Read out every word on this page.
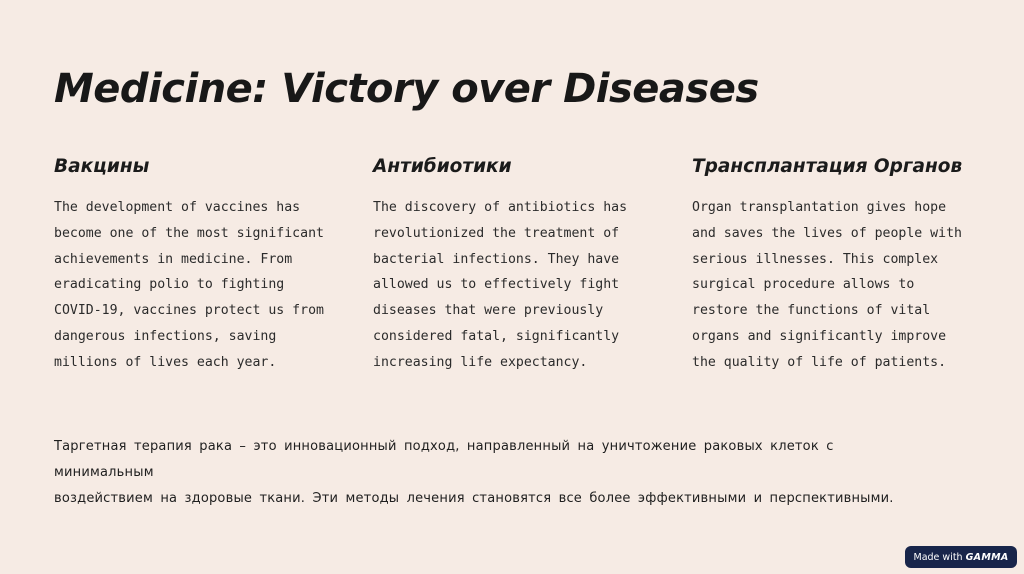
Medicine: Victory over Diseases
Вакцины

The development of vaccines has
become one of the most significant
achievements in medicine. From
eradicating polio to fighting
COVID-19, vaccines protect us from
dangerous infections, saving
millions of lives each year.

Антибиотики

The discovery of antibiotics has
revolutionized the treatment of
bacterial infections. They have
allowed us to effectively fight
diseases that were previously
considered fatal, significantly
increasing life expectancy.

Трансплантация Органов

Organ transplantation gives hope
and saves the lives of people with
serious illnesses. This complex
surgical procedure allows to
restore the functions of vital
organs and significantly improve
the quality of life of patients.

Таргетная терапия рака – это инновационный подход, направленный на уничтожение раковых клеток с минимальным
воздействием на здоровые ткани. Эти методы лечения становятся все более эффективными и перспективными.

Made with GAMMA
